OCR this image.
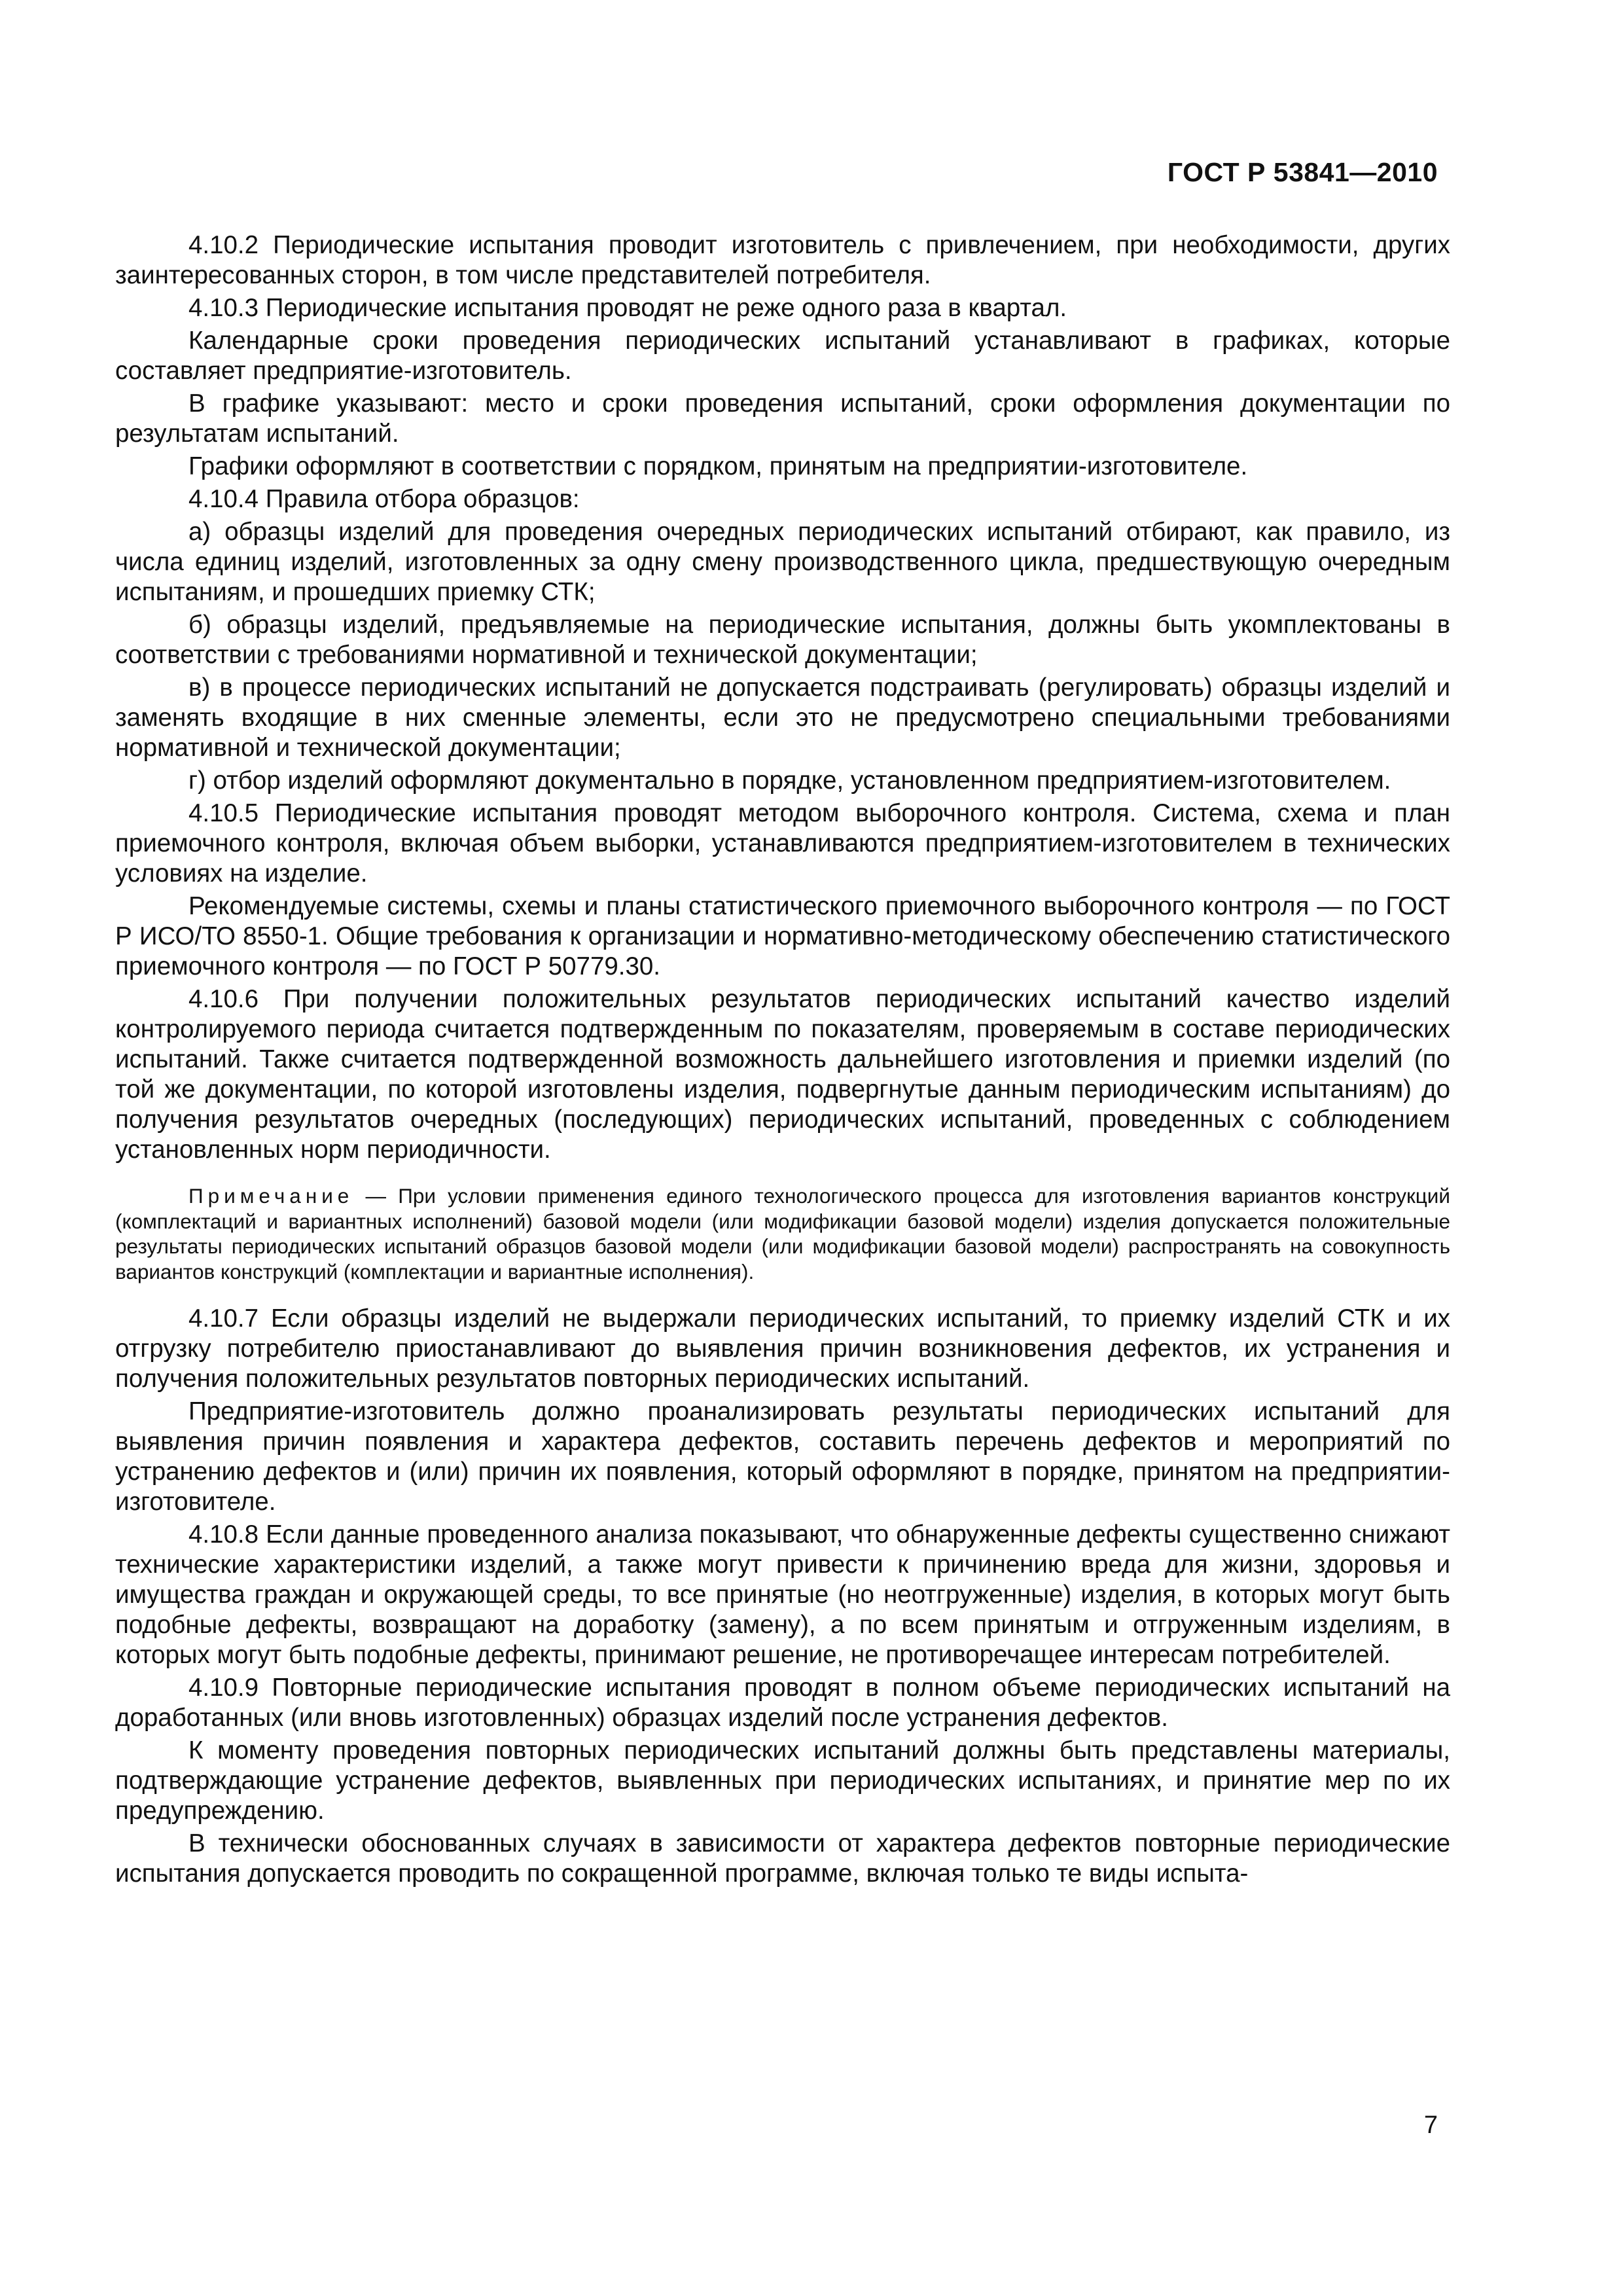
ГОСТ Р 53841—2010

4.10.2 Периодические испытания проводит изготовитель с привлечением, при необходимости, других заинтересованных сторон, в том числе представителей потребителя.

4.10.3 Периодические испытания проводят не реже одного раза в квартал.

Календарные сроки проведения периодических испытаний устанавливают в графиках, которые составляет предприятие-изготовитель.

В графике указывают: место и сроки проведения испытаний, сроки оформления документации по результатам испытаний.

Графики оформляют в соответствии с порядком, принятым на предприятии-изготовителе.

4.10.4 Правила отбора образцов:

а) образцы изделий для проведения очередных периодических испытаний отбирают, как правило, из числа единиц изделий, изготовленных за одну смену производственного цикла, предшествующую очередным испытаниям, и прошедших приемку СТК;

б) образцы изделий, предъявляемые на периодические испытания, должны быть укомплектованы в соответствии с требованиями нормативной и технической документации;

в) в процессе периодических испытаний не допускается подстраивать (регулировать) образцы изделий и заменять входящие в них сменные элементы, если это не предусмотрено специальными требованиями нормативной и технической документации;

г) отбор изделий оформляют документально в порядке, установленном предприятием-изготовителем.

4.10.5 Периодические испытания проводят методом выборочного контроля. Система, схема и план приемочного контроля, включая объем выборки, устанавливаются предприятием-изготовителем в технических условиях на изделие.

Рекомендуемые системы, схемы и планы статистического приемочного выборочного контроля — по ГОСТ Р ИСО/ТО 8550-1. Общие требования к организации и нормативно-методическому обеспечению статистического приемочного контроля — по ГОСТ Р 50779.30.

4.10.6 При получении положительных результатов периодических испытаний качество изделий контролируемого периода считается подтвержденным по показателям, проверяемым в составе периодических испытаний. Также считается подтвержденной возможность дальнейшего изготовления и приемки изделий (по той же документации, по которой изготовлены изделия, подвергнутые данным периодическим испытаниям) до получения результатов очередных (последующих) периодических испытаний, проведенных с соблюдением установленных норм периодичности.

Примечание — При условии применения единого технологического процесса для изготовления вариантов конструкций (комплектаций и вариантных исполнений) базовой модели (или модификации базовой модели) изделия допускается положительные результаты периодических испытаний образцов базовой модели (или модификации базовой модели) распространять на совокупность вариантов конструкций (комплектации и вариантные исполнения).

4.10.7 Если образцы изделий не выдержали периодических испытаний, то приемку изделий СТК и их отгрузку потребителю приостанавливают до выявления причин возникновения дефектов, их устранения и получения положительных результатов повторных периодических испытаний.

Предприятие-изготовитель должно проанализировать результаты периодических испытаний для выявления причин появления и характера дефектов, составить перечень дефектов и мероприятий по устранению дефектов и (или) причин их появления, который оформляют в порядке, принятом на предприятии-изготовителе.

4.10.8 Если данные проведенного анализа показывают, что обнаруженные дефекты существенно снижают технические характеристики изделий, а также могут привести к причинению вреда для жизни, здоровья и имущества граждан и окружающей среды, то все принятые (но неотгруженные) изделия, в которых могут быть подобные дефекты, возвращают на доработку (замену), а по всем принятым и отгруженным изделиям, в которых могут быть подобные дефекты, принимают решение, не противоречащее интересам потребителей.

4.10.9 Повторные периодические испытания проводят в полном объеме периодических испытаний на доработанных (или вновь изготовленных) образцах изделий после устранения дефектов.

К моменту проведения повторных периодических испытаний должны быть представлены материалы, подтверждающие устранение дефектов, выявленных при периодических испытаниях, и принятие мер по их предупреждению.

В технически обоснованных случаях в зависимости от характера дефектов повторные периодические испытания допускается проводить по сокращенной программе, включая только те виды испыта-

7
